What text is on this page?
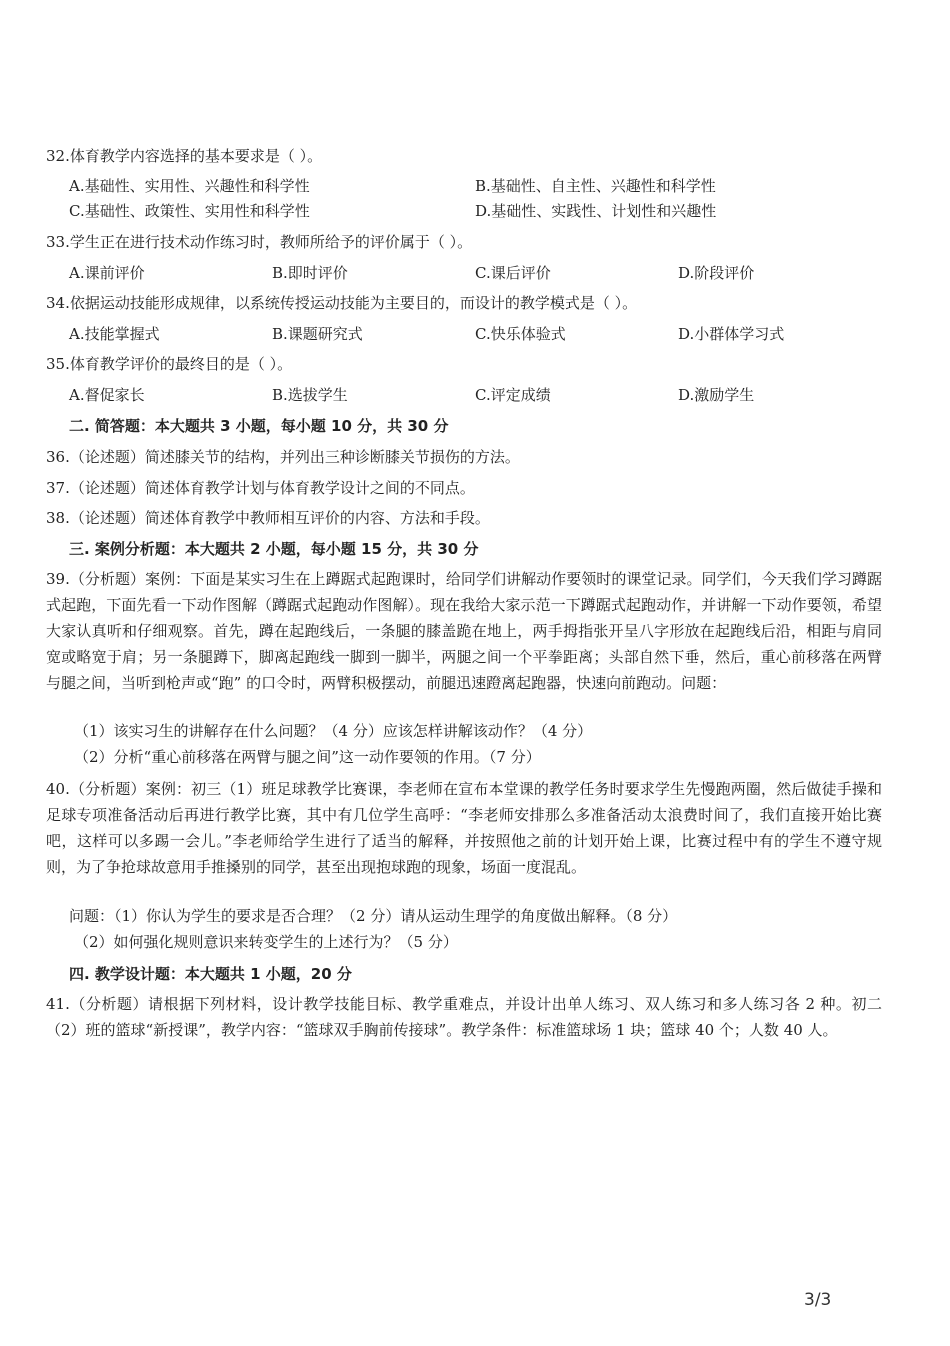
32.体育教学内容选择的基本要求是（ ）。
A.基础性、实用性、兴趣性和科学性	B.基础性、自主性、兴趣性和科学性
C.基础性、政策性、实用性和科学性	D.基础性、实践性、计划性和兴趣性
33.学生正在进行技术动作练习时，教师所给予的评价属于（ ）。
A.课前评价	B.即时评价	C.课后评价	D.阶段评价
34.依据运动技能形成规律，以系统传授运动技能为主要目的，而设计的教学模式是（ ）。
A.技能掌握式	B.课题研究式	C.快乐体验式	D.小群体学习式
35.体育教学评价的最终目的是（ ）。
A.督促家长	B.选拔学生	C.评定成绩	D.激励学生
二. 简答题：本大题共 3 小题，每小题 10 分，共 30 分
36.（论述题）简述膝关节的结构，并列出三种诊断膝关节损伤的方法。
37.（论述题）简述体育教学计划与体育教学设计之间的不同点。
38.（论述题）简述体育教学中教师相互评价的内容、方法和手段。
三. 案例分析题：本大题共 2 小题，每小题 15 分，共 30 分
39.（分析题）案例：下面是某实习生在上蹲踞式起跑课时，给同学们讲解动作要领时的课堂记录。同学们，今天我们学习蹲踞式起跑，下面先看一下动作图解（蹲踞式起跑动作图解）。现在我给大家示范一下蹲踞式起跑动作，并讲解一下动作要领，希望大家认真听和仔细观察。首先，蹲在起跑线后，一条腿的膝盖跪在地上，两手拇指张开呈八字形放在起跑线后沿，相距与肩同宽或略宽于肩；另一条腿蹲下，脚离起跑线一脚到一脚半，两腿之间一个平拳距离；头部自然下垂，然后，重心前移落在两臂与腿之间，当听到枪声或“跑” 的口令时，两臂积极摆动，前腿迅速蹬离起跑器，快速向前跑动。问题：
（1）该实习生的讲解存在什么问题？（4 分）应该怎样讲解该动作？（4 分）
（2）分析“重心前移落在两臂与腿之间”这一动作要领的作用。（7 分）
40.（分析题）案例：初三（1）班足球教学比赛课，李老师在宣布本堂课的教学任务时要求学生先慢跑两圈，然后做徒手操和足球专项准备活动后再进行教学比赛，其中有几位学生高呼：“李老师安排那么多准备活动太浪费时间了，我们直接开始比赛吧，这样可以多踢一会儿。”李老师给学生进行了适当的解释，并按照他之前的计划开始上课，比赛过程中有的学生不遵守规则，为了争抢球故意用手推搡别的同学，甚至出现抱球跑的现象，场面一度混乱。
问题：（1）你认为学生的要求是否合理？（2 分）请从运动生理学的角度做出解释。（8 分）
（2）如何强化规则意识来转变学生的上述行为？（5 分）
四. 教学设计题：本大题共 1 小题，20 分
41.（分析题）请根据下列材料，设计教学技能目标、教学重难点，并设计出单人练习、双人练习和多人练习各 2 种。初二（2）班的篮球“新授课”，教学内容：“篮球双手胸前传接球”。教学条件：标准篮球场 1 块；篮球 40 个；人数 40 人。
3/3
